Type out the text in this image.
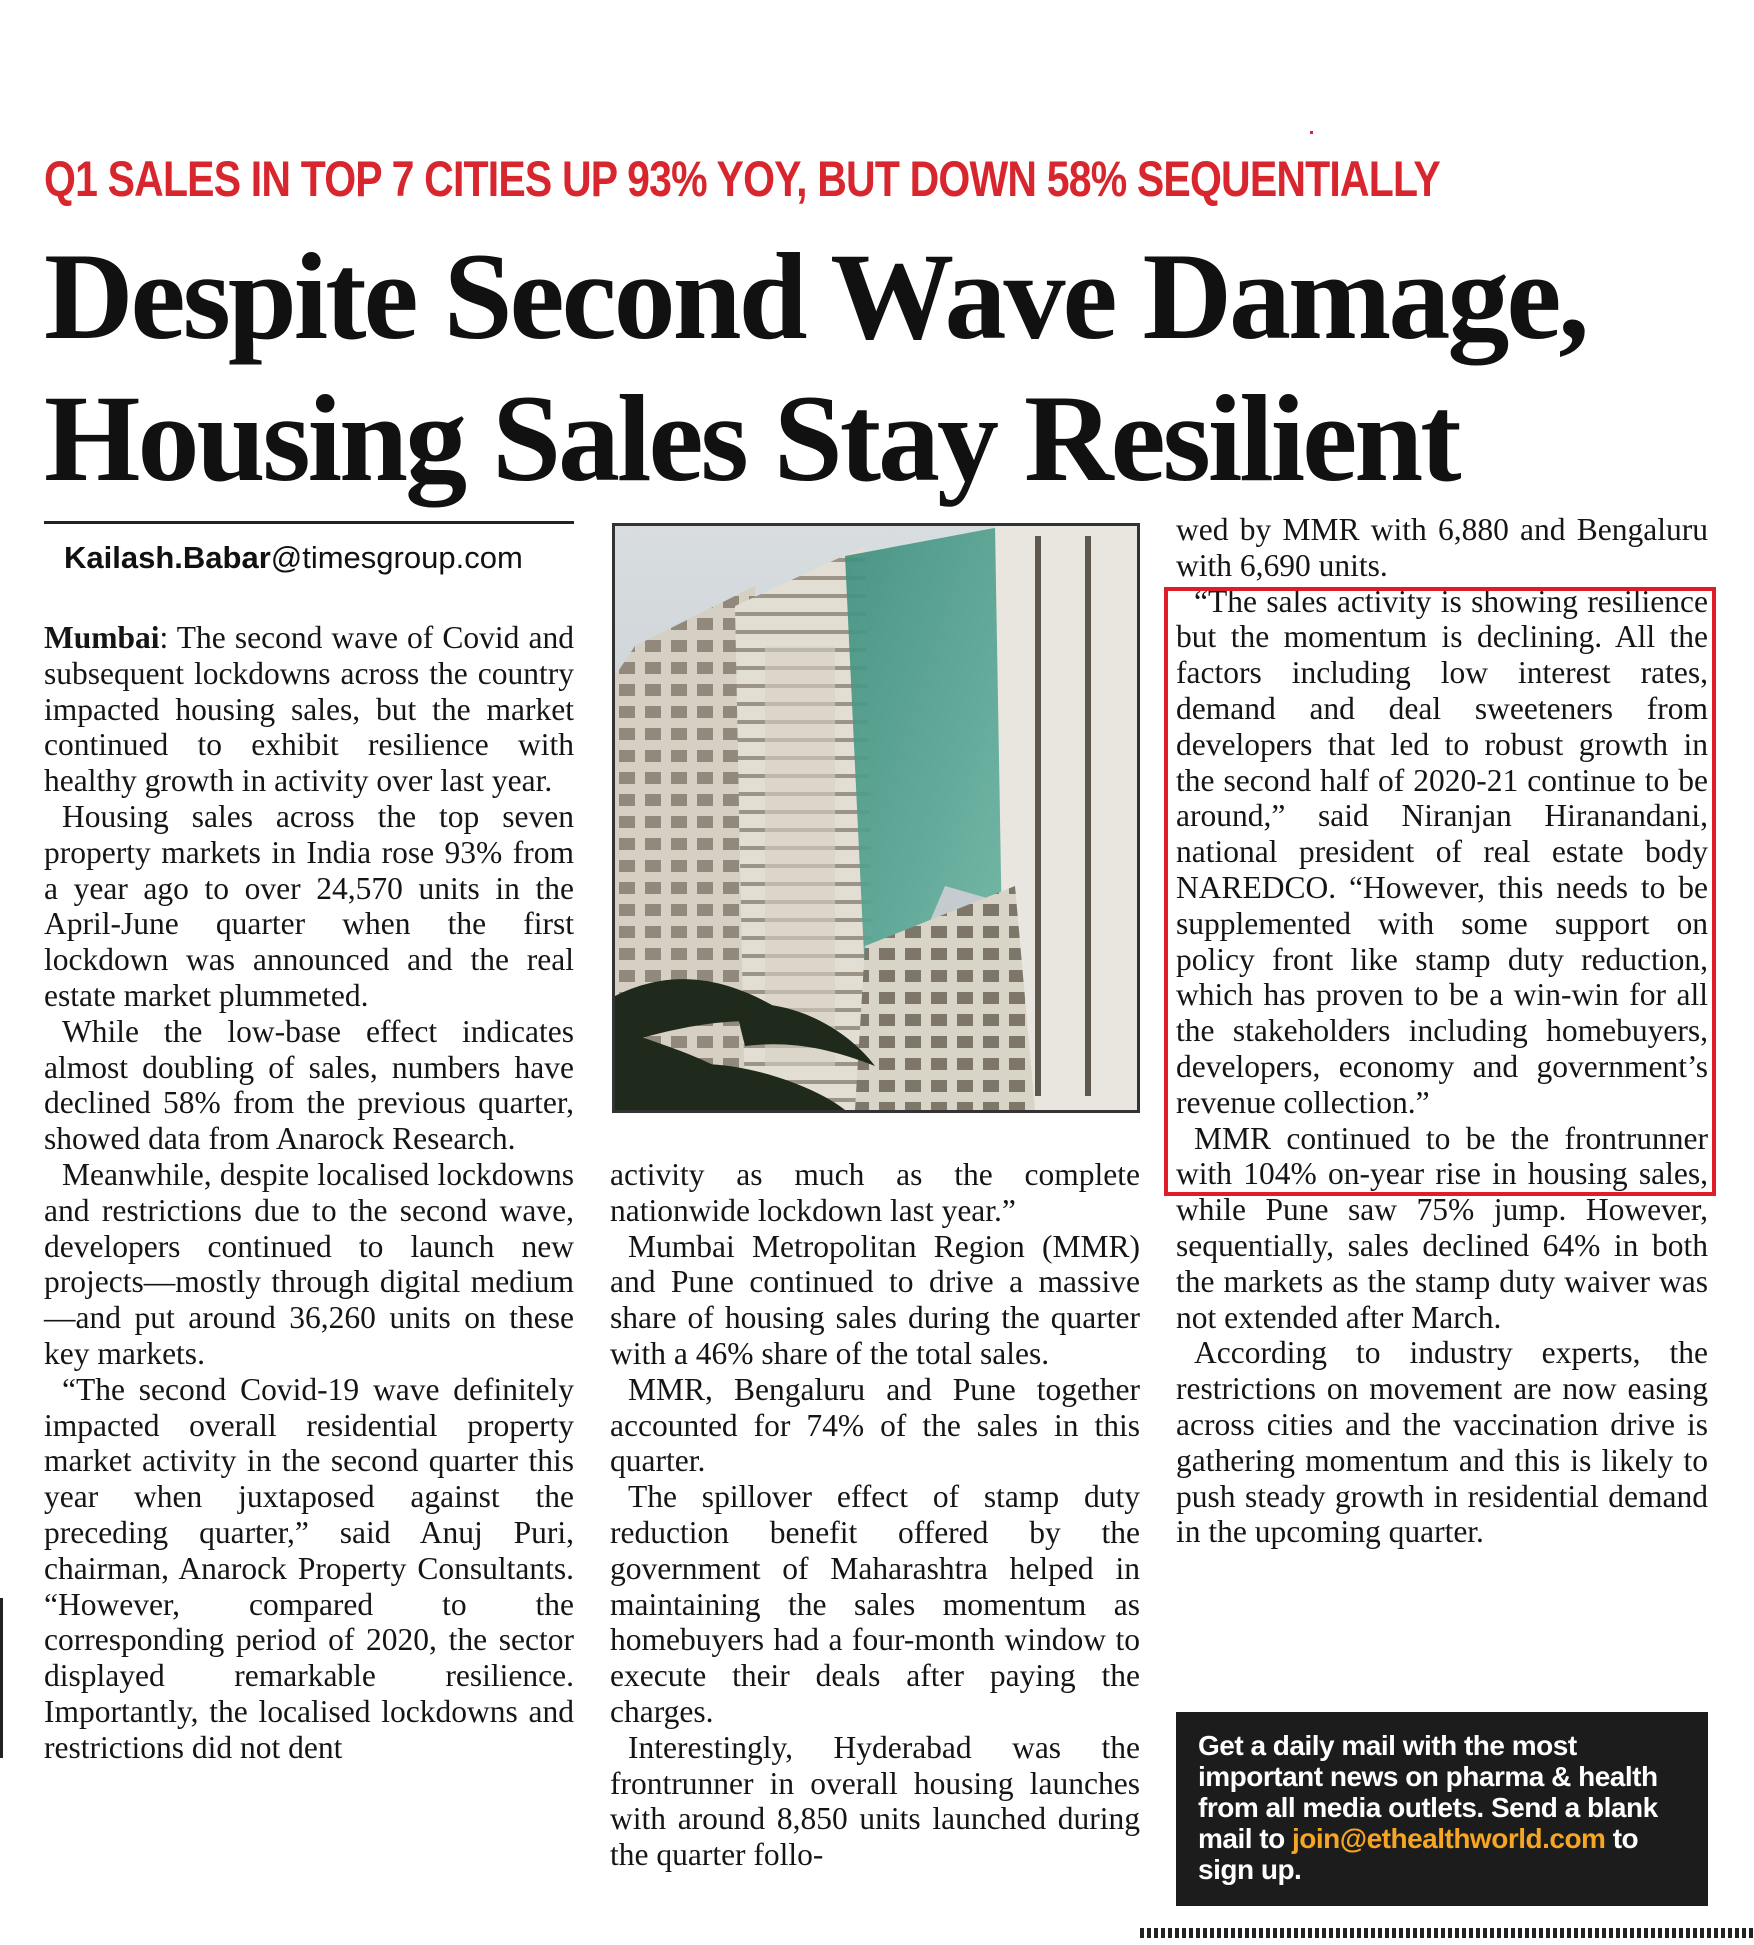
Q1 SALES IN TOP 7 CITIES UP 93% YOY, BUT DOWN 58% SEQUENTIALLY
Despite Second Wave Damage,
Housing Sales Stay Resilient
Kailash.Babar@timesgroup.com

Mumbai: The second wave of Covid and subsequent lockdowns across the country impacted housing sales, but the market continued to exhibit resilience with healthy growth in activity over last year.

Housing sales across the top seven property markets in India rose 93% from a year ago to over 24,570 units in the April-June quarter when the first lockdown was announced and the real estate market plummeted.

While the low-base effect indicates almost doubling of sales, numbers have declined 58% from the previous quarter, showed data from Anarock Research.

Meanwhile, despite localised lockdowns and restrictions due to the second wave, developers continued to launch new projects—mostly through digital medium—and put around 36,260 units on these key markets.

“The second Covid-19 wave definitely impacted overall residential property market activity in the second quarter this year when juxtaposed against the preceding quarter,” said Anuj Puri, chairman, Anarock Property Consultants. “However, compared to the corresponding period of 2020, the sector displayed remarkable resilience. Importantly, the localised lockdowns and restrictions did not dent

activity as much as the complete nationwide lockdown last year.”

Mumbai Metropolitan Region (MMR) and Pune continued to drive a massive share of housing sales during the quarter with a 46% share of the total sales.

MMR, Bengaluru and Pune together accounted for 74% of the sales in this quarter.

The spillover effect of stamp duty reduction benefit offered by the government of Maharashtra helped in maintaining the sales momentum as homebuyers had a four-month window to execute their deals after paying the charges.

Interestingly, Hyderabad was the frontrunner in overall housing launches with around 8,850 units launched during the quarter follo-

wed by MMR with 6,880 and Bengaluru with 6,690 units.

“The sales activity is showing resilience but the momentum is declining. All the factors including low interest rates, demand and deal sweeteners from developers that led to robust growth in the second half of 2020-21 continue to be around,” said Niranjan Hiranandani, national president of real estate body NAREDCO. “However, this needs to be supplemented with some support on policy front like stamp duty reduction, which has proven to be a win-win for all the stakeholders including homebuyers, developers, economy and government’s revenue collection.”

MMR continued to be the frontrunner with 104% on-year rise in housing sales, while Pune saw 75% jump. However, sequentially, sales declined 64% in both the markets as the stamp duty waiver was not extended after March.

According to industry experts, the restrictions on movement are now easing across cities and the vaccination drive is gathering momentum and this is likely to push steady growth in residential demand in the upcoming quarter.

Get a daily mail with the most important news on pharma & health from all media outlets. Send a blank mail to join@ethealthworld.com to sign up.
